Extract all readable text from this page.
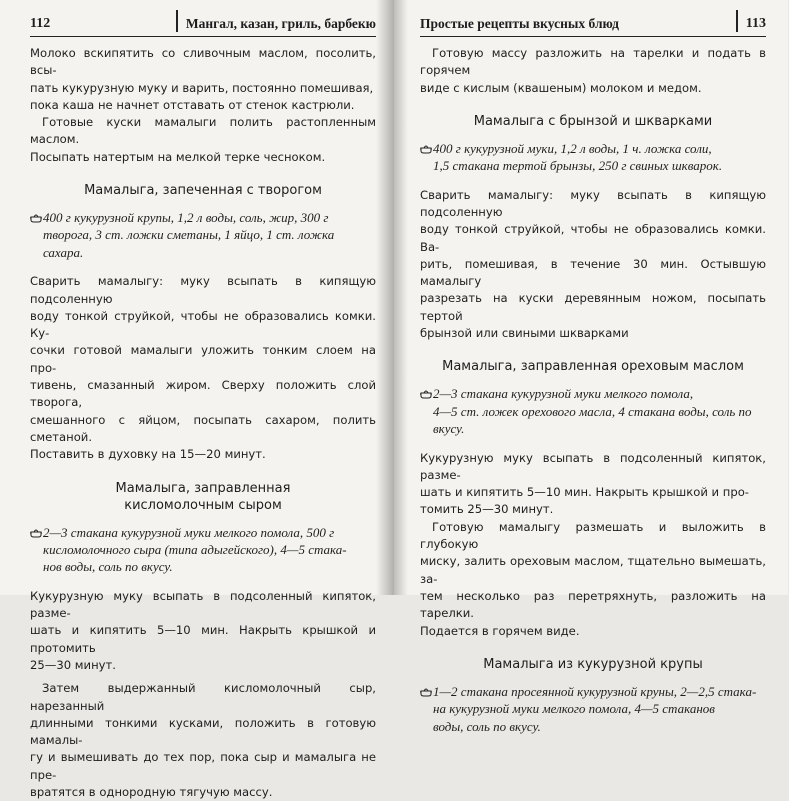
112	Мангал, казан, гриль, барбекю

Молоко вскипятить со сливочным маслом, посолить, всы-

пать кукурузную муку и варить, постоянно помешивая,

пока каша не начнет отставать от стенок кастрюли.

Готовые куски мамалыги полить растопленным маслом.

Посыпать натертым на мелкой терке чесноком.

Мамалыга, запеченная с творогом
400 г кукурузной крупы, 1,2 л воды, соль, жир, 300 г
творога, 3 ст. ложки сметаны, 1 яйцо, 1 ст. ложка
сахара.

Сварить мамалыгу: муку всыпать в кипящую подсоленную

воду тонкой струйкой, чтобы не образовались комки. Ку-

сочки готовой мамалыги уложить тонким слоем на про-

тивень, смазанный жиром. Сверху положить слой творога,

смешанного с яйцом, посыпать сахаром, полить сметаной.

Поставить в духовку на 15—20 минут.

Мамалыга, заправленная
кисломолочным сыром
2—3 стакана кукурузной муки мелкого помола, 500 г
кисломолочного сыра (типа адыгейского), 4—5 стака-
нов воды, соль по вкусу.

Кукурузную муку всыпать в подсоленный кипяток, разме-

шать и кипятить 5—10 мин. Накрыть крышкой и протомить

25—30 минут.

Затем выдержанный кисломолочный сыр, нарезанный

длинными тонкими кусками, положить в готовую мамалы-

гу и вымешивать до тех пор, пока сыр и мамалыга не пре-

вратятся в однородную тягучую массу.

Простые рецепты вкусных блюд	113

Готовую массу разложить на тарелки и подать в горячем

виде с кислым (квашеным) молоком и медом.

Мамалыга с брынзой и шкварками
400 г кукурузной муки, 1,2 л воды, 1 ч. ложка соли,
1,5 стакана тертой брынзы, 250 г свиных шкварок.

Сварить мамалыгу: муку всыпать в кипящую подсоленную

воду тонкой струйкой, чтобы не образовались комки. Ва-

рить, помешивая, в течение 30 мин. Остывшую мамалыгу

разрезать на куски деревянным ножом, посыпать тертой

брынзой или свиными шкварками

Мамалыга, заправленная ореховым маслом
2—3 стакана кукурузной муки мелкого помола,
4—5 ст. ложек орехового масла, 4 стакана воды, соль по
вкусу.

Кукурузную муку всыпать в подсоленный кипяток, разме-

шать и кипятить 5—10 мин. Накрыть крышкой и про-

томить 25—30 минут.

Готовую мамалыгу размешать и выложить в глубокую

миску, залить ореховым маслом, тщательно вымешать, за-

тем несколько раз перетряхнуть, разложить на тарелки.

Подается в горячем виде.

Мамалыга из кукурузной крупы
1—2 стакана просеянной кукурузной круны, 2—2,5 стака-
на кукурузной муки мелкого помола, 4—5 стаканов
воды, соль по вкусу.
